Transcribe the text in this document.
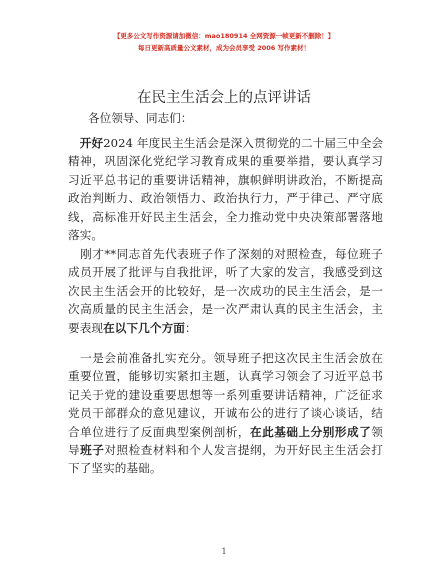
【更多公文写作资源请加微信：mao180914 全网资源一帧更新不删除！】
每日更新高质量公文素材，成为会员享受 2006 写作素材！
在民主生活会上的点评讲话
各位领导、同志们：
　开好2024 年度民主生活会是深入贯彻党的二十届三中全会精神，巩固深化党纪学习教育成果的重要举措，要认真学习习近平总书记的重要讲话精神，旗帜鲜明讲政治，不断提高政治判断力、政治领悟力、政治执行力，严于律己、严守底线，高标准开好民主生活会，全力推动党中央决策部署落地落实。
　刚才**同志首先代表班子作了深刻的对照检查，每位班子成员开展了批评与自我批评，听了大家的发言，我感受到这次民主生活会开的比较好，是一次成功的民主生活会，是一次高质量的民主生活会，是一次严肃认真的民主生活会，主要表现在以下几个方面：
　一是会前准备扎实充分。领导班子把这次民主生活会放在重要位置，能够切实紧扣主题，认真学习领会了习近平总书记关于党的建设重要思想等一系列重要讲话精神，广泛征求党员干部群众的意见建议，开诚布公的进行了谈心谈话，结合单位进行了反面典型案例剖析，在此基础上分别形成了领导班子对照检查材料和个人发言提纲，为开好民主生活会打下了坚实的基础。
1
